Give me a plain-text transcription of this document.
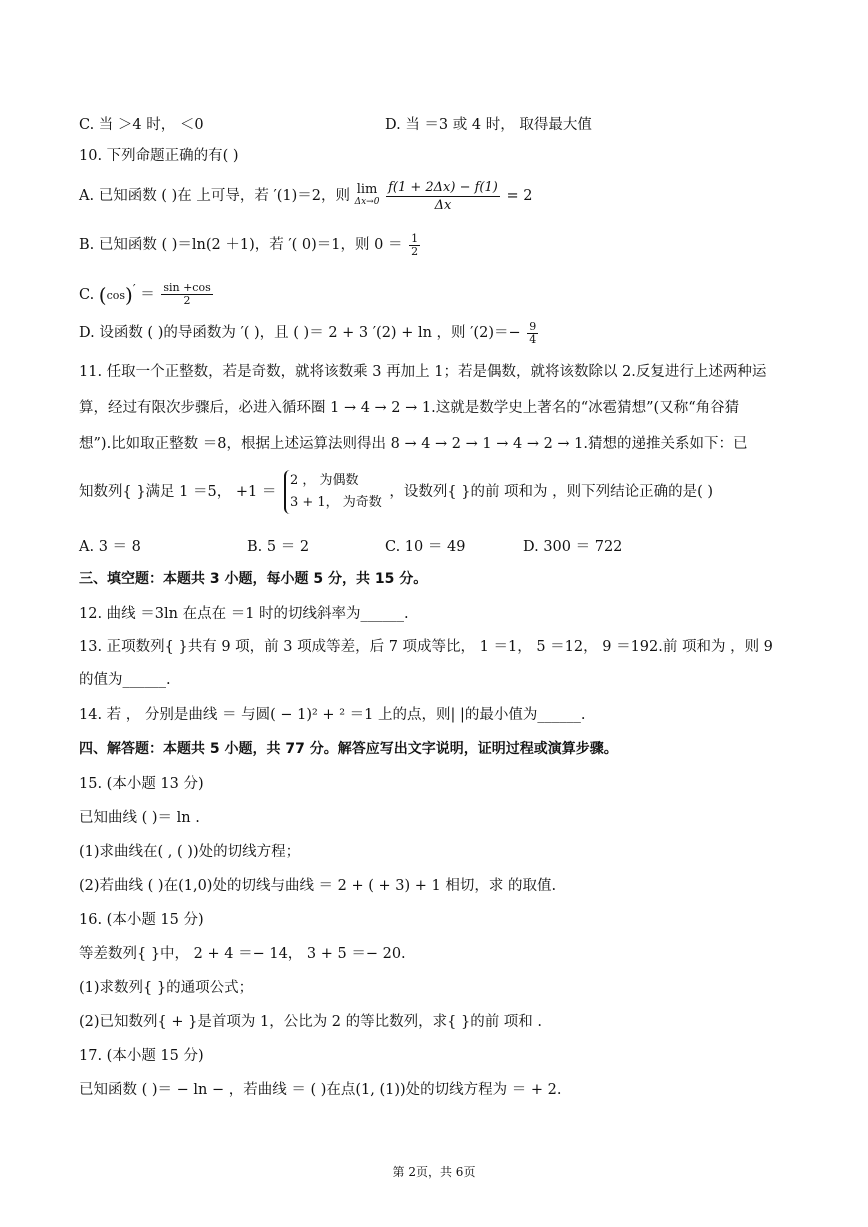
C. 当 ＞4 时， ＜0	D. 当 ＝3 或 4 时， 取得最大值
10. 下列命题正确的有( )
A. 已知函数 ( )在 上可导，若 ′(1)＝2，则 lim
Δx→0
$\frac{f(1 + 2\Delta x) - f(1)}{\Delta x} = 2$
B. 已知函数 ( )＝ln(2 ＋1)，若 ′( 0)＝1，则 $0 = \frac{1}{2}$
C. $(\cos)' = \frac{\sin +\cos}{2}$
D. 设函数 ( )的导函数为 ′( )，且 ( )＝ 2 + 3 ′(2) + ln ，则 $'(2)=- \frac{9}{4}$
11. 任取一个正整数，若是奇数，就将该数乘 3 再加上 1；若是偶数，就将该数除以 2.反复进行上述两种运
算，经过有限次步骤后，必进入循环圈 1 → 4 → 2 → 1.这就是数学史上著名的“冰雹猜想”(又称“角谷猜
想”).比如取正整数 ＝8，根据上述运算法则得出 8 → 4 → 2 → 1 → 4 → 2 → 1.猜想的递推关系如下：已
知数列{ }满足 1 ＝5， +1 ＝
2 ， 为偶数
3 + 1， 为奇数
，设数列{ }的前 项和为 ，则下列结论正确的是( )
A. 3 ＝ 8	B. 5 ＝ 2	C. 10 ＝ 49	D. 300 ＝ 722
三、填空题：本题共 3 小题，每小题 5 分，共 15 分。
12. 曲线 ＝3ln 在点在 ＝1 时的切线斜率为______.
13. 正项数列{ }共有 9 项，前 3 项成等差，后 7 项成等比， 1 ＝1， 5 ＝12， 9 ＝192.前 项和为 ，则 9
的值为______.
14. 若 ， 分别是曲线 ＝ 与圆( − 1)² + ² ＝1 上的点，则| |的最小值为______.
四、解答题：本题共 5 小题，共 77 分。解答应写出文字说明，证明过程或演算步骤。
15. (本小题 13 分)
已知曲线 ( )＝ ln .
(1)求曲线在( , ( ))处的切线方程；
(2)若曲线 ( )在(1,0)处的切线与曲线 ＝ 2 + ( + 3) + 1 相切，求 的取值.
16. (本小题 15 分)
等差数列{ }中， 2 + 4 ＝− 14， 3 + 5 ＝− 20.
(1)求数列{ }的通项公式；
(2)已知数列{ + }是首项为 1，公比为 2 的等比数列，求{ }的前 项和 .
17. (本小题 15 分)
已知函数 ( )＝ − ln − ，若曲线 ＝ ( )在点(1, (1))处的切线方程为 ＝ + 2.
第 2页，共 6页
